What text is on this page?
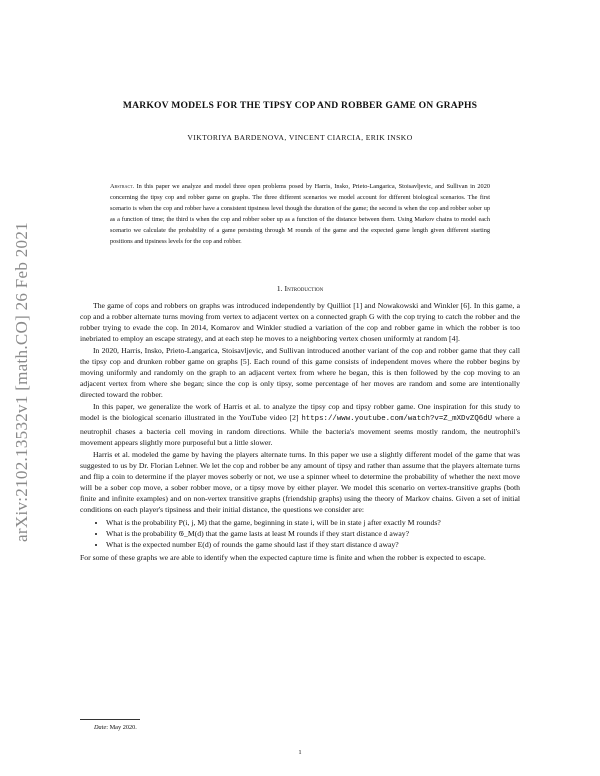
arXiv:2102.13532v1 [math.CO] 26 Feb 2021
MARKOV MODELS FOR THE TIPSY COP AND ROBBER GAME ON GRAPHS
VIKTORIYA BARDENOVA, VINCENT CIARCIA, ERIK INSKO
Abstract. In this paper we analyze and model three open problems posed by Harris, Insko, Prieto-Langarica, Stoisavljevic, and Sullivan in 2020 concerning the tipsy cop and robber game on graphs. The three different scenarios we model account for different biological scenarios. The first scenario is when the cop and robber have a consistent tipsiness level though the duration of the game; the second is when the cop and robber sober up as a function of time; the third is when the cop and robber sober up as a function of the distance between them. Using Markov chains to model each scenario we calculate the probability of a game persisting through M rounds of the game and the expected game length given different starting positions and tipsiness levels for the cop and robber.
1. Introduction

The game of cops and robbers on graphs was introduced independently by Quilliot [1] and Nowakowski and Winkler [6]. In this game, a cop and a robber alternate turns moving from vertex to adjacent vertex on a connected graph G with the cop trying to catch the robber and the robber trying to evade the cop. In 2014, Komarov and Winkler studied a variation of the cop and robber game in which the robber is too inebriated to employ an escape strategy, and at each step he moves to a neighboring vertex chosen uniformly at random [4].

In 2020, Harris, Insko, Prieto-Langarica, Stoisavljevic, and Sullivan introduced another variant of the cop and robber game that they call the tipsy cop and drunken robber game on graphs [5]. Each round of this game consists of independent moves where the robber begins by moving uniformly and randomly on the graph to an adjacent vertex from where he began, this is then followed by the cop moving to an adjacent vertex from where she began; since the cop is only tipsy, some percentage of her moves are random and some are intentionally directed toward the robber.

In this paper, we generalize the work of Harris et al. to analyze the tipsy cop and tipsy robber game. One inspiration for this study to model is the biological scenario illustrated in the YouTube video [2] https://www.youtube.com/watch?v=Z_mXDvZQ6dU where a neutrophil chases a bacteria cell moving in random directions. While the bacteria's movement seems mostly random, the neutrophil's movement appears slightly more purposeful but a little slower.

Harris et al. modeled the game by having the players alternate turns. In this paper we use a slightly different model of the game that was suggested to us by Dr. Florian Lehner. We let the cop and robber be any amount of tipsy and rather than assume that the players alternate turns and flip a coin to determine if the player moves soberly or not, we use a spinner wheel to determine the probability of whether the next move will be a sober cop move, a sober robber move, or a tipsy move by either player. We model this scenario on vertex-transitive graphs (both finite and infinite examples) and on non-vertex transitive graphs (friendship graphs) using the theory of Markov chains. Given a set of initial conditions on each player's tipsiness and their initial distance, the questions we consider are:

• What is the probability P(i, j, M) that the game, beginning in state i, will be in state j after exactly M rounds?
• What is the probability 𝔊_M(d) that the game lasts at least M rounds if they start distance d away?
• What is the expected number E(d) of rounds the game should last if they start distance d away?

For some of these graphs we are able to identify when the expected capture time is finite and when the robber is expected to escape.

Date: May 2020.
1
